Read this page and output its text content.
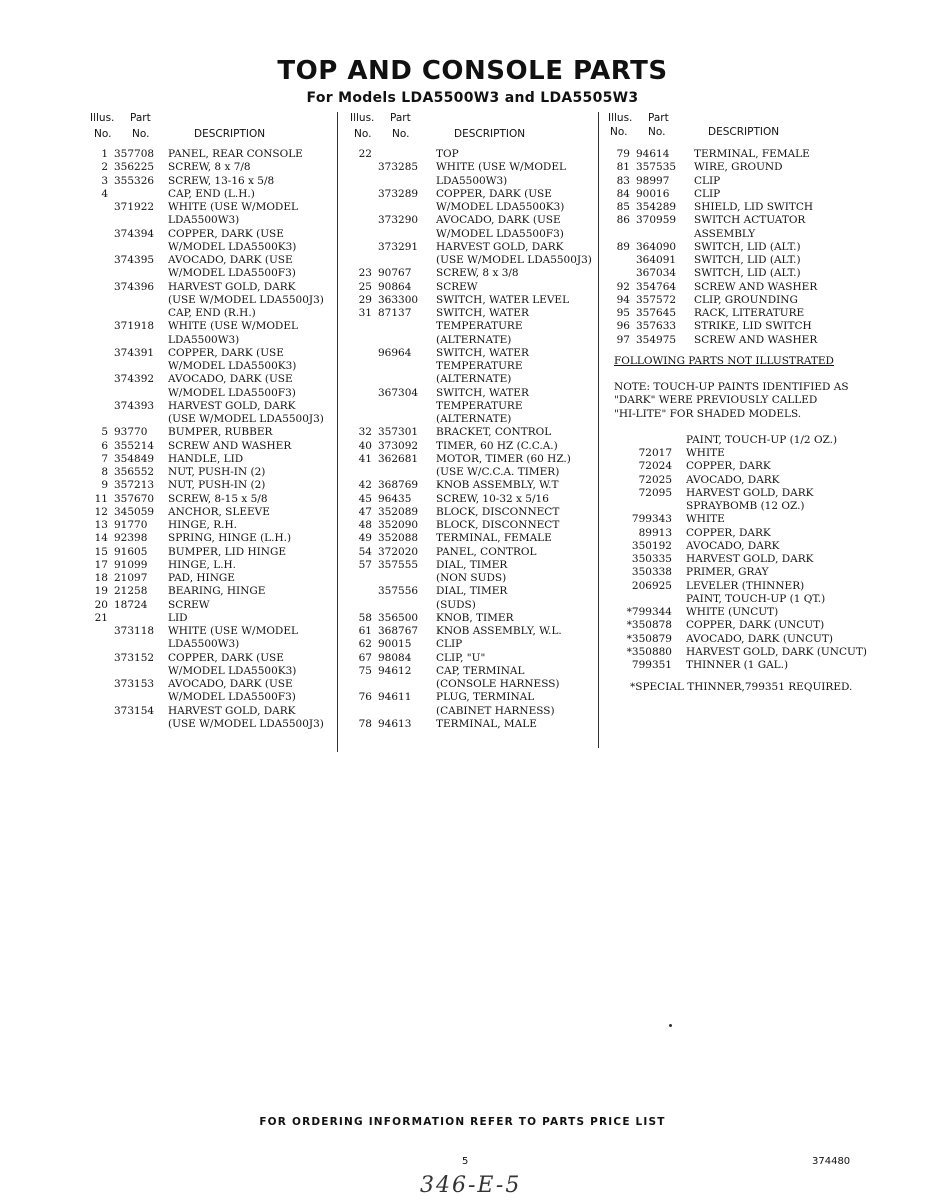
TOP AND CONSOLE PARTS
For Models LDA5500W3 and LDA5505W3
Illus. Part
No. No.	DESCRIPTION
1 357708 PANEL, REAR CONSOLE
2 356225 SCREW, 8 x 7/8
3 355326 SCREW, 13-16 x 5/8
4	CAP, END (L.H.)
371922 WHITE (USE W/MODEL
LDA5500W3)
374394 COPPER, DARK (USE
W/MODEL LDA5500K3)
374395 AVOCADO, DARK (USE
W/MODEL LDA5500F3)
374396 HARVEST GOLD, DARK
(USE W/MODEL LDA5500J3)
CAP, END (R.H.)
371918 WHITE (USE W/MODEL
LDA5500W3)
374391 COPPER, DARK (USE
W/MODEL LDA5500K3)
374392 AVOCADO, DARK (USE
W/MODEL LDA5500F3)
374393 HARVEST GOLD, DARK
(USE W/MODEL LDA5500J3)
5 93770 BUMPER, RUBBER
6 355214 SCREW AND WASHER
7 354849 HANDLE, LID
8 356552 NUT, PUSH-IN (2)
9 357213 NUT, PUSH-IN (2)
11 357670 SCREW, 8-15 x 5/8
12 345059 ANCHOR, SLEEVE
13 91770 HINGE, R.H.
14 92398 SPRING, HINGE (L.H.)
15 91605 BUMPER, LID HINGE
17 91099 HINGE, L.H.
18 21097 PAD, HINGE
19 21258 BEARING, HINGE
20 18724 SCREW
21	LID
373118 WHITE (USE W/MODEL
LDA5500W3)
373152 COPPER, DARK (USE
W/MODEL LDA5500K3)
373153 AVOCADO, DARK (USE
W/MODEL LDA5500F3)
373154 HARVEST GOLD, DARK
(USE W/MODEL LDA5500J3)
Illus. Part
No. No.	DESCRIPTION
22	TOP
373285 WHITE (USE W/MODEL
LDA5500W3)
373289 COPPER, DARK (USE
W/MODEL LDA5500K3)
373290 AVOCADO, DARK (USE
W/MODEL LDA5500F3)
373291 HARVEST GOLD, DARK
(USE W/MODEL LDA5500J3)
23 90767 SCREW, 8 x 3/8
25 90864 SCREW
29 363300 SWITCH, WATER LEVEL
31 87137 SWITCH, WATER
TEMPERATURE
(ALTERNATE)
96964 SWITCH, WATER
TEMPERATURE
(ALTERNATE)
367304 SWITCH, WATER
TEMPERATURE
(ALTERNATE)
32 357301 BRACKET, CONTROL
40 373092 TIMER, 60 HZ (C.C.A.)
41 362681 MOTOR, TIMER (60 HZ.)
(USE W/C.C.A. TIMER)
42 368769 KNOB ASSEMBLY, W.T
45 96435 SCREW, 10-32 x 5/16
47 352089 BLOCK, DISCONNECT
48 352090 BLOCK, DISCONNECT
49 352088 TERMINAL, FEMALE
54 372020 PANEL, CONTROL
57 357555 DIAL, TIMER
(NON SUDS)
357556 DIAL, TIMER
(SUDS)
58 356500 KNOB, TIMER
61 368767 KNOB ASSEMBLY, W.L.
62 90015 CLIP
67 98084 CLIP, "U"
75 94612 CAP, TERMINAL
(CONSOLE HARNESS)
76 94611 PLUG, TERMINAL
(CABINET HARNESS)
78 94613 TERMINAL, MALE
Illus. Part
No. No.	DESCRIPTION
79 94614 TERMINAL, FEMALE
81 357535 WIRE, GROUND
83 98997 CLIP
84 90016 CLIP
85 354289 SHIELD, LID SWITCH
86 370959 SWITCH ACTUATOR
ASSEMBLY
89 364090 SWITCH, LID (ALT.)
364091 SWITCH, LID (ALT.)
367034 SWITCH, LID (ALT.)
92 354764 SCREW AND WASHER
94 357572 CLIP, GROUNDING
95 357645 RACK, LITERATURE
96 357633 STRIKE, LID SWITCH
97 354975 SCREW AND WASHER
FOLLOWING PARTS NOT ILLUSTRATED
NOTE: TOUCH-UP PAINTS IDENTIFIED AS
"DARK" WERE PREVIOUSLY CALLED
"HI-LITE" FOR SHADED MODELS.
PAINT, TOUCH-UP (1/2 OZ.)
72017 WHITE
72024 COPPER, DARK
72025 AVOCADO, DARK
72095 HARVEST GOLD, DARK
SPRAYBOMB (12 OZ.)
799343 WHITE
89913 COPPER, DARK
350192 AVOCADO, DARK
350335 HARVEST GOLD, DARK
350338 PRIMER, GRAY
206925 LEVELER (THINNER)
PAINT, TOUCH-UP (1 QT.)
*799344 WHITE (UNCUT)
*350878 COPPER, DARK (UNCUT)
*350879 AVOCADO, DARK (UNCUT)
*350880 HARVEST GOLD, DARK (UNCUT)
799351 THINNER (1 GAL.)
*SPECIAL THINNER,799351 REQUIRED.
FOR ORDERING INFORMATION REFER TO PARTS PRICE LIST
5	374480
346-E-5
